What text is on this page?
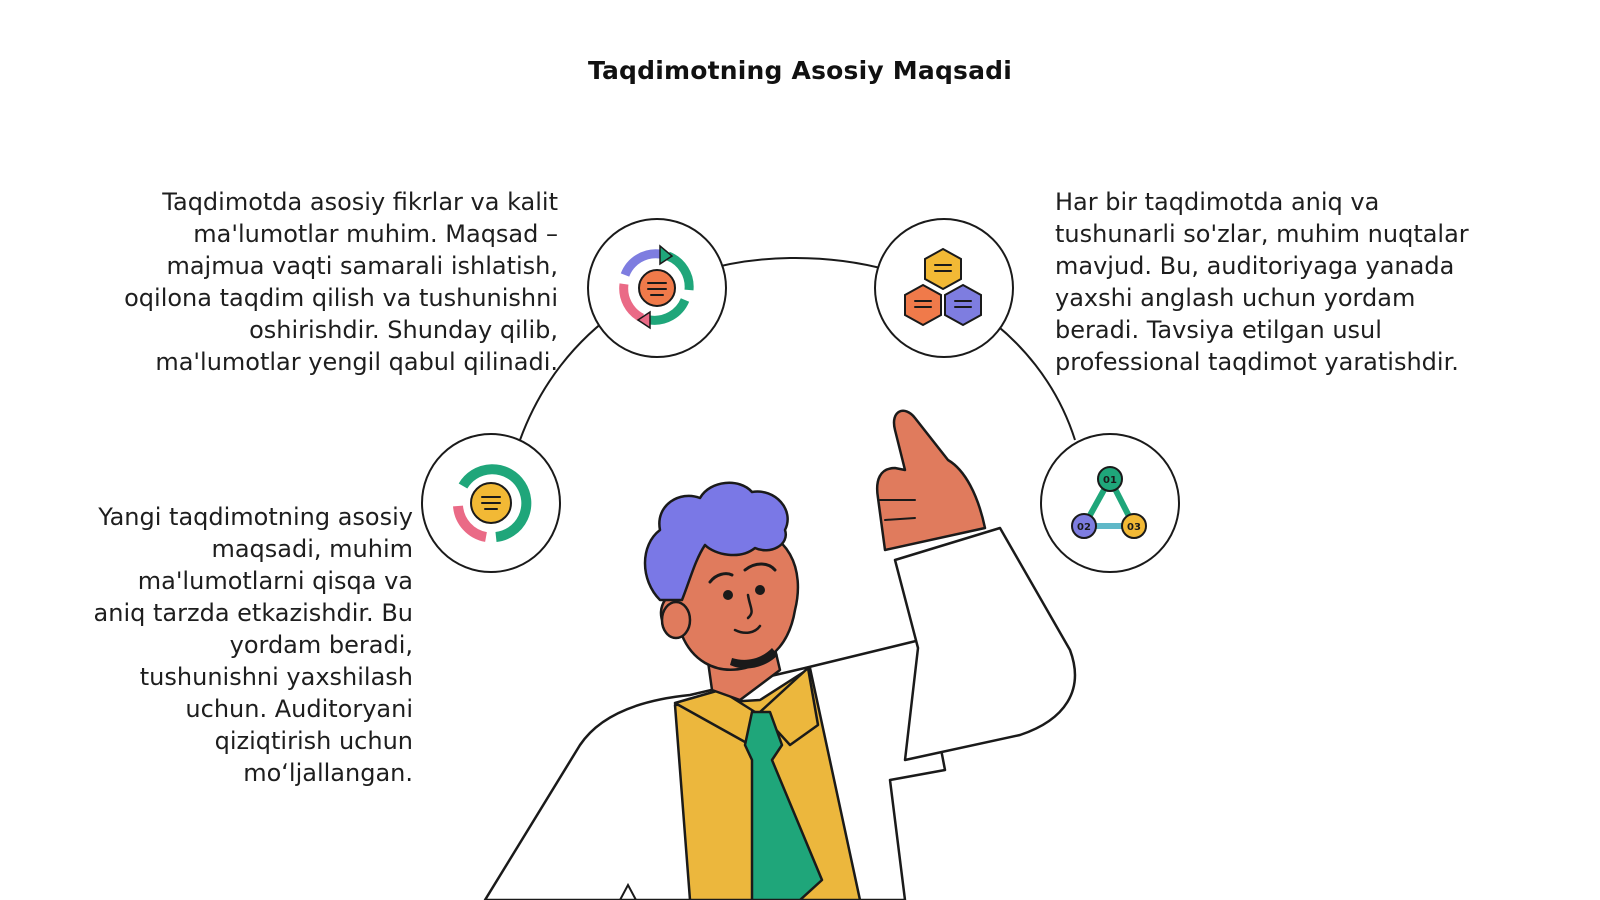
01
02	03
Taqdimotning Asosiy Maqsadi
Taqdimotda asosiy fikrlar va kalit
ma'lumotlar muhim. Maqsad –
majmua vaqti samarali ishlatish,
oqilona taqdim qilish va tushunishni
oshirishdir. Shunday qilib,
ma'lumotlar yengil qabul qilinadi.
Yangi taqdimotning asosiy
maqsadi, muhim
ma'lumotlarni qisqa va
aniq tarzda etkazishdir. Bu
yordam beradi,
tushunishni yaxshilash
uchun. Auditoryani
qiziqtirish uchun
moʻljallangan.
Har bir taqdimotda aniq va
tushunarli so'zlar, muhim nuqtalar
mavjud. Bu, auditoriyaga yanada
yaxshi anglash uchun yordam
beradi. Tavsiya etilgan usul
professional taqdimot yaratishdir.
